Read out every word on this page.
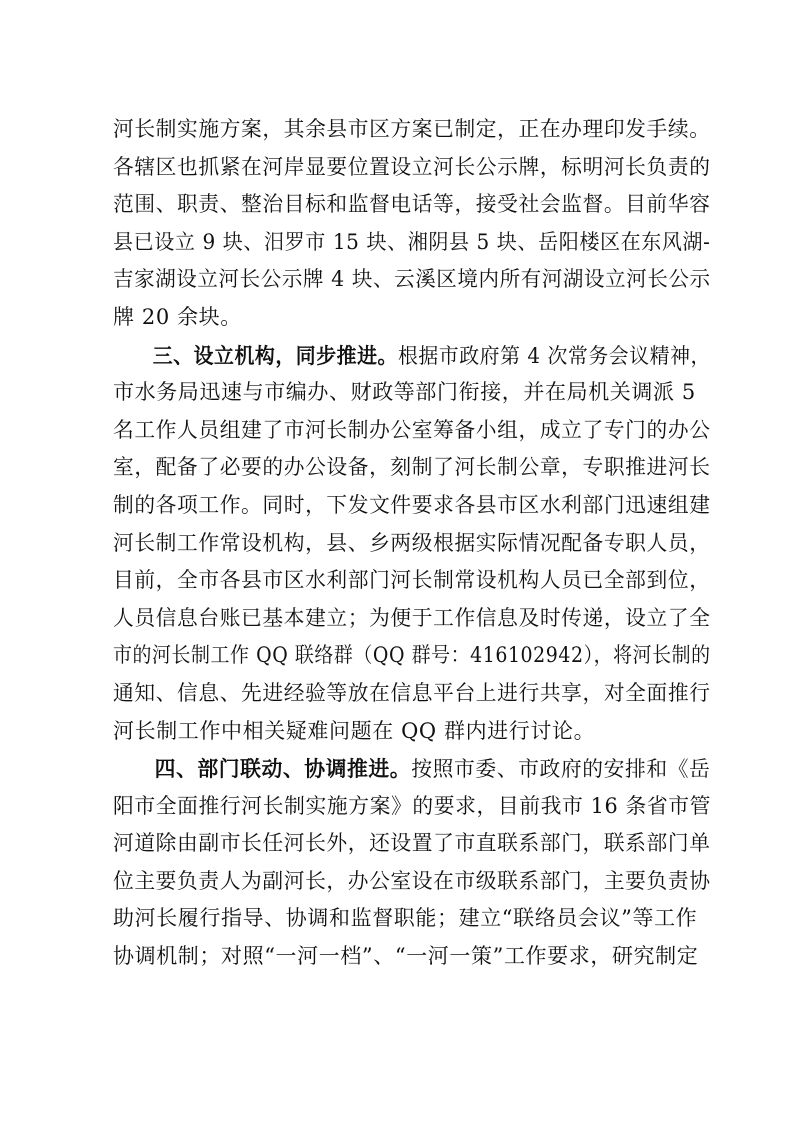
河长制实施方案，其余县市区方案已制定，正在办理印发手续。
各辖区也抓紧在河岸显要位置设立河长公示牌，标明河长负责的
范围、职责、整治目标和监督电话等，接受社会监督。目前华容
县已设立 9 块、汨罗市 15 块、湘阴县 5 块、岳阳楼区在东风湖-
吉家湖设立河长公示牌 4 块、云溪区境内所有河湖设立河长公示
牌 20 余块。
三、设立机构，同步推进。根据市政府第 4 次常务会议精神，
市水务局迅速与市编办、财政等部门衔接，并在局机关调派 5
名工作人员组建了市河长制办公室筹备小组，成立了专门的办公
室，配备了必要的办公设备，刻制了河长制公章，专职推进河长
制的各项工作。同时，下发文件要求各县市区水利部门迅速组建
河长制工作常设机构，县、乡两级根据实际情况配备专职人员，
目前，全市各县市区水利部门河长制常设机构人员已全部到位，
人员信息台账已基本建立；为便于工作信息及时传递，设立了全
市的河长制工作 QQ 联络群（QQ 群号：416102942），将河长制的
通知、信息、先进经验等放在信息平台上进行共享，对全面推行
河长制工作中相关疑难问题在 QQ 群内进行讨论。
四、部门联动、协调推进。按照市委、市政府的安排和《岳
阳市全面推行河长制实施方案》的要求，目前我市 16 条省市管
河道除由副市长任河长外，还设置了市直联系部门，联系部门单
位主要负责人为副河长，办公室设在市级联系部门，主要负责协
助河长履行指导、协调和监督职能；建立“联络员会议”等工作
协调机制；对照“一河一档”、“一河一策”工作要求，研究制定
